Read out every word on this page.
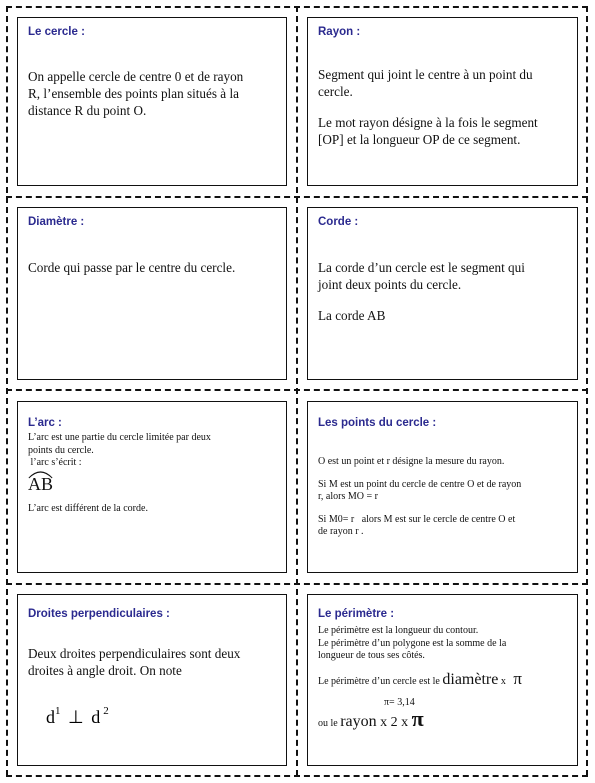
Le cercle :

On appelle cercle de centre 0 et de rayon

R, l’ensemble des points plan situés à la

distance R du point O.

Rayon :

Segment qui joint le centre à un point du

cercle.

Le mot rayon désigne à la fois le segment

[OP] et la longueur OP de ce segment.

Diamètre :

Corde qui passe par le centre du cercle.

Corde :

La corde d’un cercle est le segment qui

joint deux points du cercle.

La corde AB

L’arc :

L’arc est une partie du cercle limitée par deux

points du cercle.

l’arc s’écrit :

AB

L’arc est différent de la corde.

Les points du cercle :

O est un point et r désigne la mesure du rayon.

Si M est un point du cercle de centre O et de rayon

r, alors MO = r

Si M0= r   alors M est sur le cercle de centre O et

de rayon r .

Droites perpendiculaires :

Deux droites perpendiculaires sont deux

droites à angle droit. On note

$d^1$ ⊥ d $^2$
Le périmètre :

Le périmètre est la longueur du contour.

Le périmètre d’un polygone est la somme de la

longueur de tous ses côtés.

Le périmètre d’un cercle est le diamètre x π
π= 3,14
ou le rayon x 2 x π
